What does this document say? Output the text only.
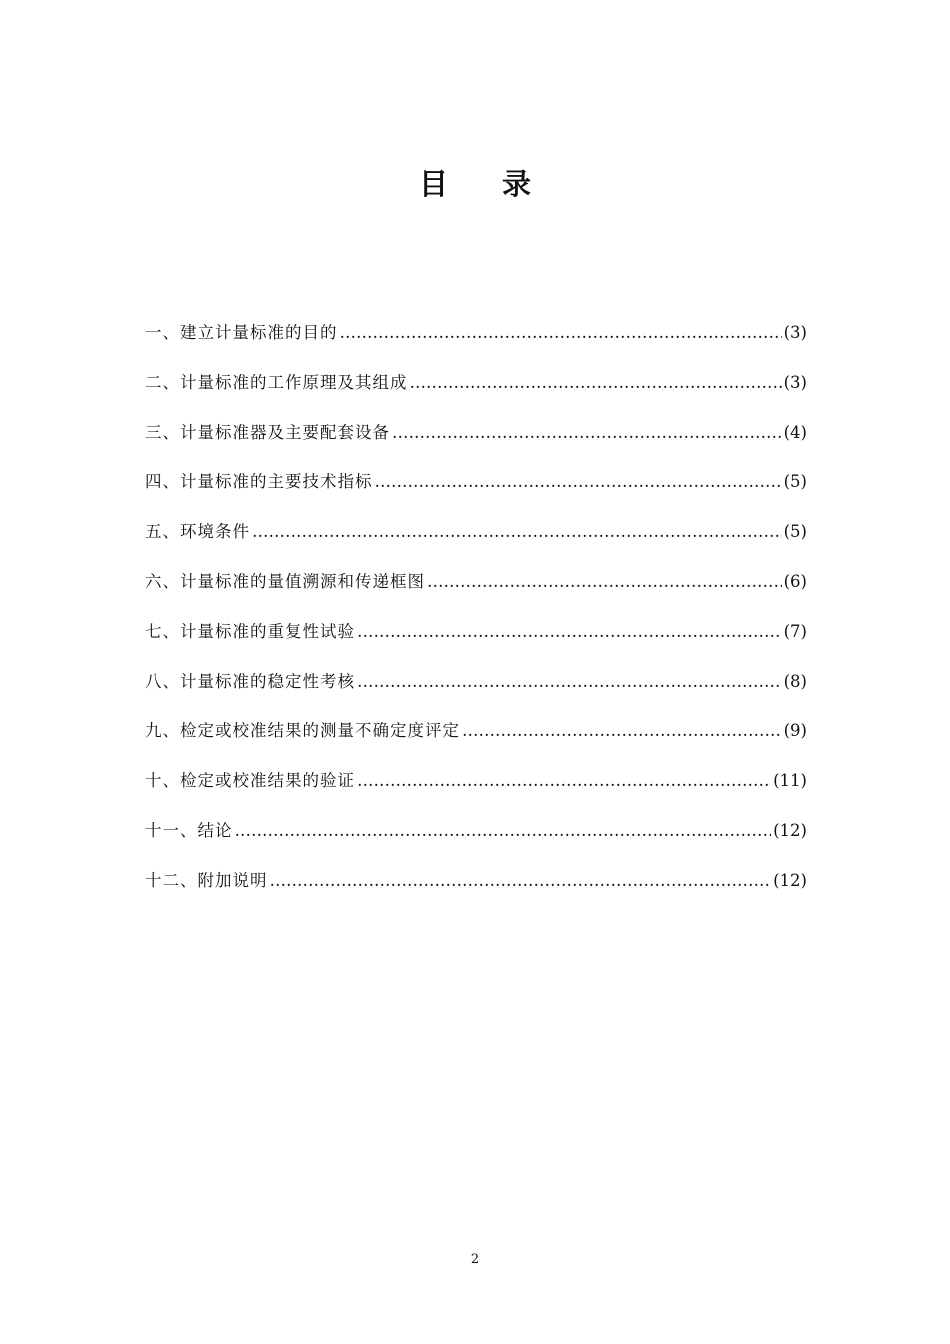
目 录
一、建立计量标准的目的 ……………………………………………………………………………………………………………………………………………………………………	(3)
二、计量标准的工作原理及其组成 ……………………………………………………………………………………………………………………………………………………………………	(3)
三、计量标准器及主要配套设备 ……………………………………………………………………………………………………………………………………………………………………	(4)
四、计量标准的主要技术指标 ……………………………………………………………………………………………………………………………………………………………………	(5)
五、环境条件 ……………………………………………………………………………………………………………………………………………………………………	(5)
六、计量标准的量值溯源和传递框图 ……………………………………………………………………………………………………………………………………………………………………	(6)
七、计量标准的重复性试验 ……………………………………………………………………………………………………………………………………………………………………	(7)
八、计量标准的稳定性考核 ……………………………………………………………………………………………………………………………………………………………………	(8)
九、检定或校准结果的测量不确定度评定 ……………………………………………………………………………………………………………………………………………………………………	(9)
十、检定或校准结果的验证 ……………………………………………………………………………………………………………………………………………………………………	(11)
十一、结论 ……………………………………………………………………………………………………………………………………………………………………	(12)
十二、附加说明 ……………………………………………………………………………………………………………………………………………………………………	(12)
2
